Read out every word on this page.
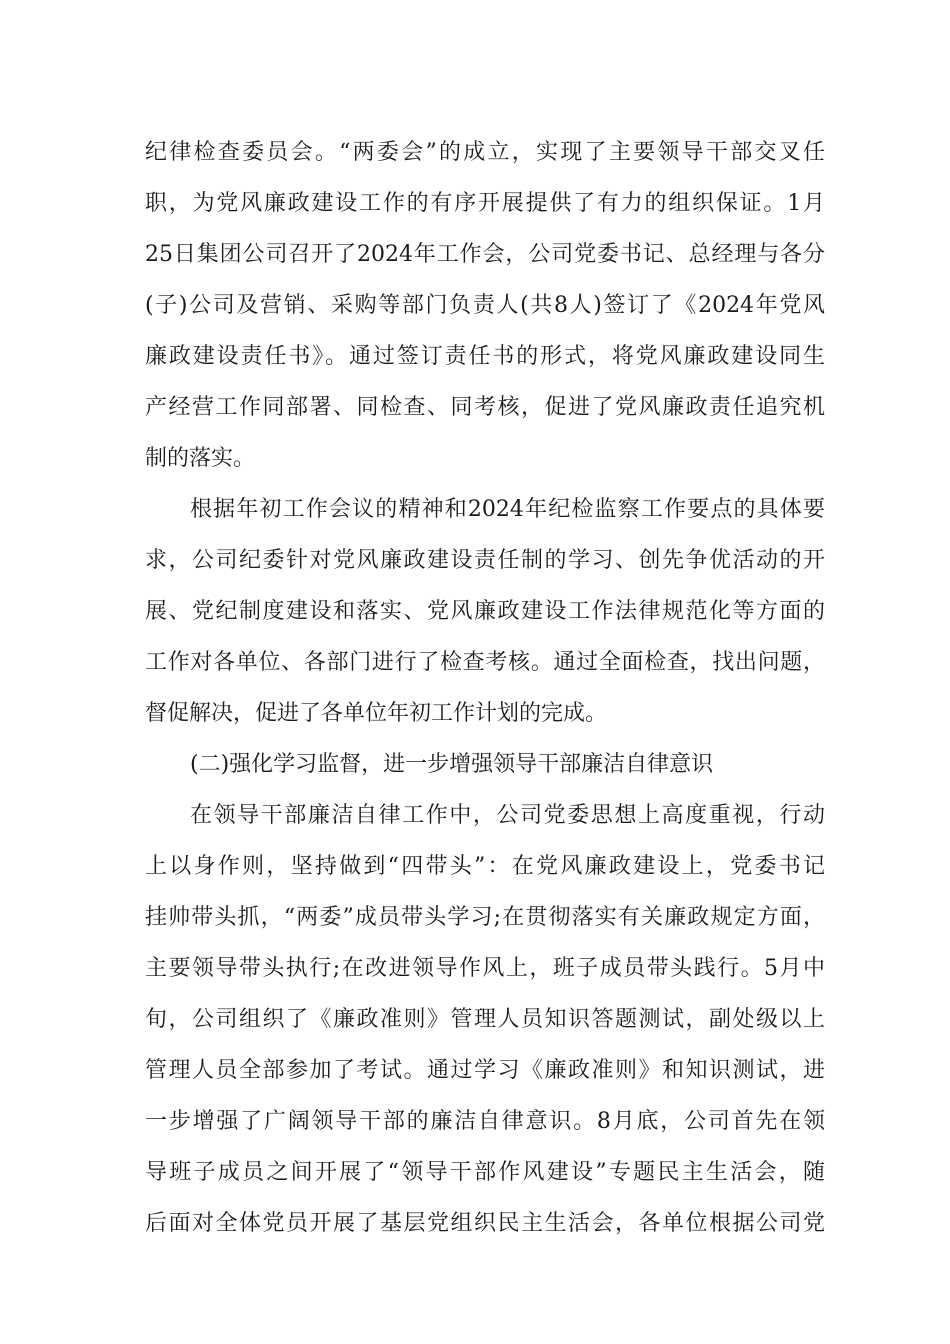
纪律检查委员会。“两委会”的成立，实现了主要领导干部交叉任
职，为党风廉政建设工作的有序开展提供了有力的组织保证。1月
25日集团公司召开了2024年工作会，公司党委书记、总经理与各分
(子)公司及营销、采购等部门负责人(共8人)签订了《2024年党风
廉政建设责任书》。通过签订责任书的形式，将党风廉政建设同生
产经营工作同部署、同检查、同考核，促进了党风廉政责任追究机
制的落实。
根据年初工作会议的精神和2024年纪检监察工作要点的具体要
求，公司纪委针对党风廉政建设责任制的学习、创先争优活动的开
展、党纪制度建设和落实、党风廉政建设工作法律规范化等方面的
工作对各单位、各部门进行了检查考核。通过全面检查，找出问题，
督促解决，促进了各单位年初工作计划的完成。
(二)强化学习监督，进一步增强领导干部廉洁自律意识
在领导干部廉洁自律工作中，公司党委思想上高度重视，行动
上以身作则，坚持做到“四带头”：在党风廉政建设上，党委书记
挂帅带头抓，“两委”成员带头学习;在贯彻落实有关廉政规定方面，
主要领导带头执行;在改进领导作风上，班子成员带头践行。5月中
旬，公司组织了《廉政准则》管理人员知识答题测试，副处级以上
管理人员全部参加了考试。通过学习《廉政准则》和知识测试，进
一步增强了广阔领导干部的廉洁自律意识。8月底，公司首先在领
导班子成员之间开展了“领导干部作风建设”专题民主生活会，随
后面对全体党员开展了基层党组织民主生活会，各单位根据公司党
